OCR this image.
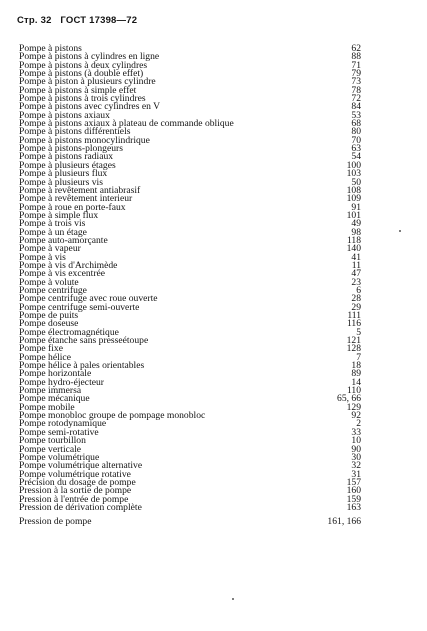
Стр. 32 ГОСТ 17398—72
Pompe à pistons	62
Pompe à pistons à cylindres en ligne	88
Pompe à pistons à deux cylindres	71
Pompe à pistons (à double effet)	79
Pompe à piston à plusieurs cylindre	73
Pompe à pistons à simple effet	78
Pompe à pistons à trois cylindres	72
Pompe à pistons avec cylindres en V	84
Pompe à pistons axiaux	53
Pompe à pistons axiaux à plateau de commande oblique	68
Pompe à pistons différentiels	80
Pompe à pistons monocylindrique	70
Pompe à pistons-plongeurs	63
Pompe à pistons radiaux	54
Pompe à plusieurs étages	100
Pompe à plusieurs flux	103
Pompe à plusieurs vis	50
Pompe à revêtement antiabrasif	108
Pompe à revêtement interieur	109
Pompe à roue en porte-faux	91
Pompe à simple flux	101
Pompe à trois vis	49
Pompe à un étage	98
Pompe auto-amorçante	118
Pompe à vapeur	140
Pompe à vis	41
Pompe à vis d'Archimède	11
Pompe à vis excentrée	47
Pompe à volute	23
Pompe centrifuge	6
Pompe centrifuge avec roue ouverte	28
Pompe centrifuge semi-ouverte	29
Pompe de puits	111
Pompe doseuse	116
Pompe électromagnétique	5
Pompe étanche sans presseétoupe	121
Pompe fixe	128
Pompe hélice	7
Pompe hélice à pales orientables	18
Pompe horizontale	89
Pompe hydro-éjecteur	14
Pompe immersa	110
Pompe mécanique	65, 66
Pompe mobile	129
Pompe monobloc groupe de pompage monobloc	92
Pompe rotodynamique	2
Pompe semi-rotative	33
Pompe tourbillon	10
Pompe verticale	90
Pompe volumétrique	30
Pompe volumétrique alternative	32
Pompe volumétrique rotative	31
Précision du dosage de pompe	157
Pression à la sortie de pompe	160
Pression à l'entrée de pompe	159
Pression de dérivation complète	163
Pression de pompe	161, 166
